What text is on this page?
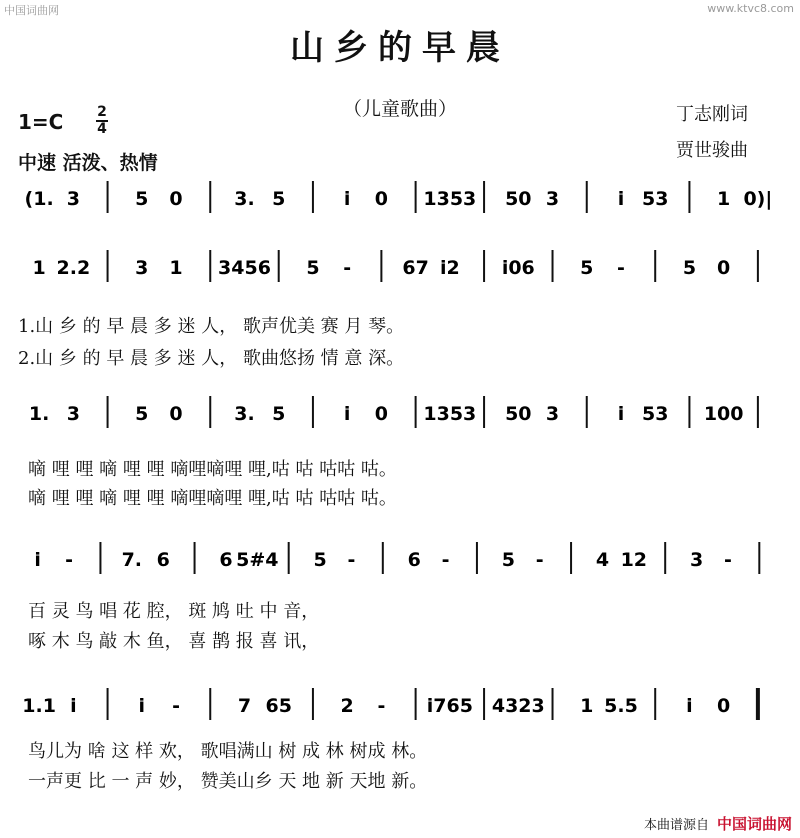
中国词曲网	www.ktvc8.com
山乡的早晨
（儿童歌曲）
1=C 2
4
中速 活泼、热情
丁志刚词
贾世骏曲
(1. 3	5 0	3. 5	i 0 1353 50 3	i 53	1 0)|
1 2.2 3 1 3456 5 -	67 i2 i06 5 -	5 0
1. 3	5 0	3. 5	i 0 1353 50 3	i 53 100
i -	7. 6	6 5#4 5 -	6 -	5 -	4 12 3 -
1.1 i	i -	7 65	2 - i765 4323 1 5.5	i 0
1.山 乡 的 早 晨 多 迷 人， 歌声优美 赛 月 琴。
2.山 乡 的 早 晨 多 迷 人， 歌曲悠扬 情 意 深。
嘀 哩 哩 嘀 哩 哩 嘀哩嘀哩 哩,咕 咕 咕咕 咕。
嘀 哩 哩 嘀 哩 哩 嘀哩嘀哩 哩,咕 咕 咕咕 咕。
百 灵 鸟 唱 花 腔， 斑 鸠 吐 中 音，
啄 木 鸟 敲 木 鱼， 喜 鹊 报 喜 讯，
鸟儿为 啥 这 样 欢， 歌唱满山 树 成 林 树成 林。
一声更 比 一 声 妙， 赞美山乡 天 地 新 天地 新。
本曲谱源自 中国词曲网
